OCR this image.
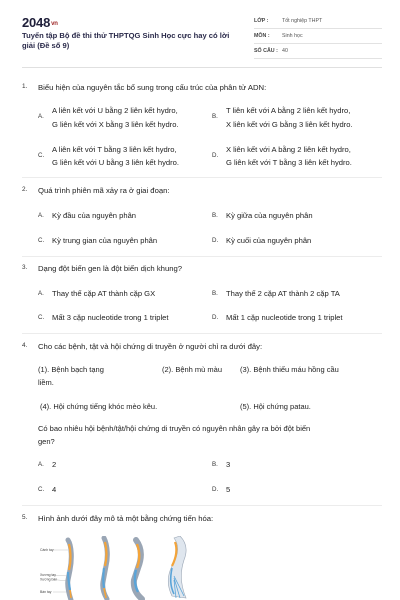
2048vn
Tuyển tập Bộ đề thi thử THPTQG Sinh Học cực hay có lời giải (Đề số 9)
LỚP :	Tốt nghiệp THPT
MÔN :	Sinh học
SỐ CÂU : 40
1. Biểu hiện của nguyên tắc bổ sung trong cấu trúc của phân tử ADN:
A.
A liên kết với U bằng 2 liên kết hydro,
G liên kết với X bằng 3 liên kết hydro.
B.
T liên kết với A bằng 2 liên kết hydro,
X liên kết với G bằng 3 liên kết hydro.
C.
A liên kết với T bằng 3 liên kết hydro,
G liên kết với U bằng 3 liên kết hydro.
D.
X liên kết với A bằng 2 liên kết hydro,
G liên kết với T bằng 3 liên kết hydro.
2. Quá trình phiên mã xảy ra ở giai đoạn:
A. Kỳ đầu của nguyên phân	B. Kỳ giữa của nguyên phân
C. Kỳ trung gian của nguyên phân	D. Kỳ cuối của nguyên phân
3. Dạng đột biến gen là đột biến dịch khung?
A. Thay thế cặp AT thành cặp GX	B. Thay thế 2 cặp AT thành 2 cặp TA
C. Mất 3 cặp nucleotide trong 1 triplet	D. Mất 1 cặp nucleotide trong 1 triplet
4. Cho các bệnh, tật và hội chứng di truyền ở người chỉ ra dưới đây:
(1). Bệnh bạch tạng	(2). Bệnh mù màu (3). Bệnh thiếu máu hồng cầu
liềm.
(4). Hội chứng tiếng khóc mèo kêu.	(5). Hội chứng patau.
Có bao nhiêu hội bệnh/tật/hội chứng di truyền có nguyên nhân gây ra bởi đột biến
gen?
A. 2	B. 3
C. 4	D. 5
5. Hình ảnh dưới đây mô tả một bằng chứng tiến hóa:
Cánh tay
Xương tay
Xương bàn
Bàn tay
